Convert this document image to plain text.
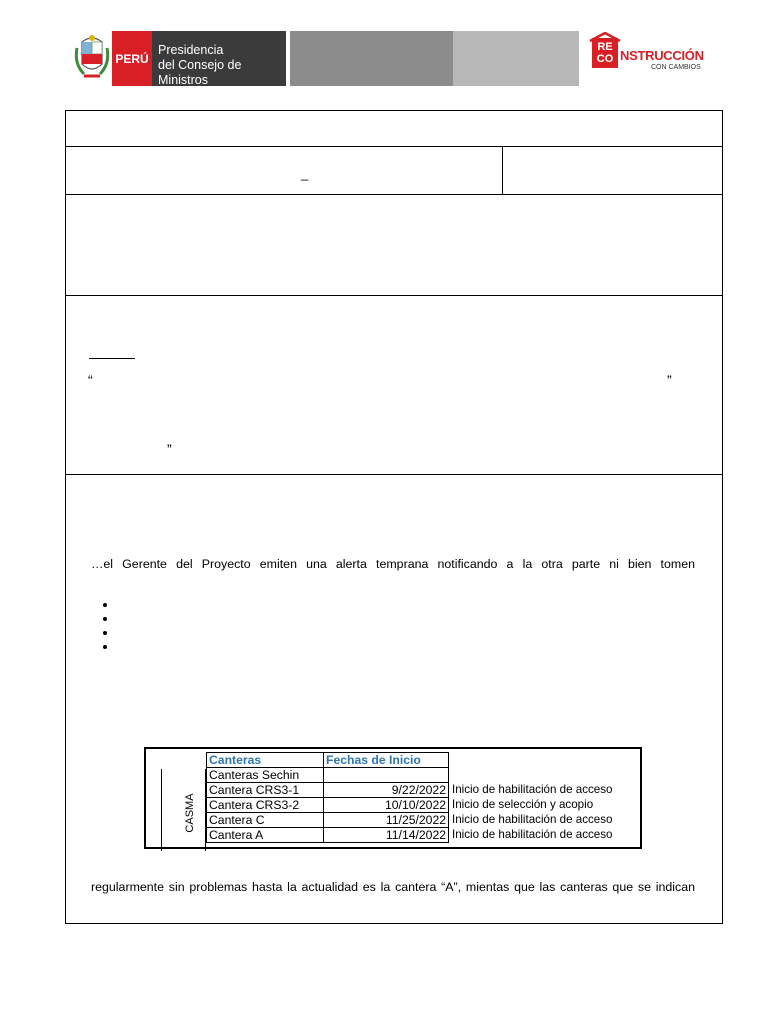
PERÚ
Presidencia
del Consejo de Ministros
RE
CO NSTRUCCIÓN
CON CAMBIOS
_
“	”
”
…el Gerente del Proyecto emiten una alerta temprana notificando a la otra parte ni bien tomen
CASMA
Canteras	Fechas de Inicio	
Canteras Sechin		
Cantera CRS3-1	9/22/2022	Inicio de habilitación de acceso
Cantera CRS3-2	10/10/2022	Inicio de selección y acopio
Cantera C	11/25/2022	Inicio de habilitación de acceso
Cantera A	11/14/2022	Inicio de habilitación de acceso
regularmente sin problemas hasta la actualidad es la cantera “A”, mientas que las canteras que se indican
